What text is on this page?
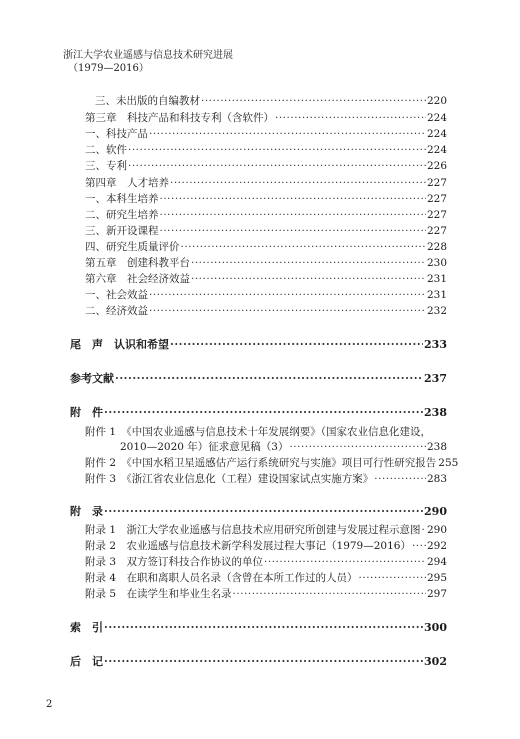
浙江大学农业遥感与信息技术研究进展
（1979—2016）
三、未出版的自编教材 ·····	220
第三章　科技产品和科技专利（含软件） ·····	224
一、科技产品 ·····	224
二、软件 ·····	224
三、专利 ·····	226
第四章　人才培养 ·····	227
一、本科生培养 ·····	227
二、研究生培养 ·····	227
三、新开设课程 ·····	227
四、研究生质量评价 ·····	228
第五章　创建科教平台 ·····	230
第六章　社会经济效益 ·····	231
一、社会效益 ·····	231
二、经济效益 ·····	232
尾　声　认识和希望 ·····	233
参考文献 ·····	237
附　件 ·····	238
附件 1　《中国农业遥感与信息技术十年发展纲要》（国家农业信息化建设，
2010—2020 年）征求意见稿（3） ·····	238
附件 2　《中国水稻卫星遥感估产运行系统研究与实施》项目可行性研究报告 255
附件 3　《浙江省农业信息化（工程）建设国家试点实施方案》 ·····	283
附　录 ·····	290
附录 1　浙江大学农业遥感与信息技术应用研究所创建与发展过程示意图 ····· 290
附录 2　农业遥感与信息技术新学科发展过程大事记（1979—2016） ····· 292
附录 3　双方签订科技合作协议的单位 ·····	294
附录 4　在职和离职人员名录（含曾在本所工作过的人员） ·····	295
附录 5　在读学生和毕业生名录 ·····	297
索　引 ·····	300
后　记 ·····	302
2
